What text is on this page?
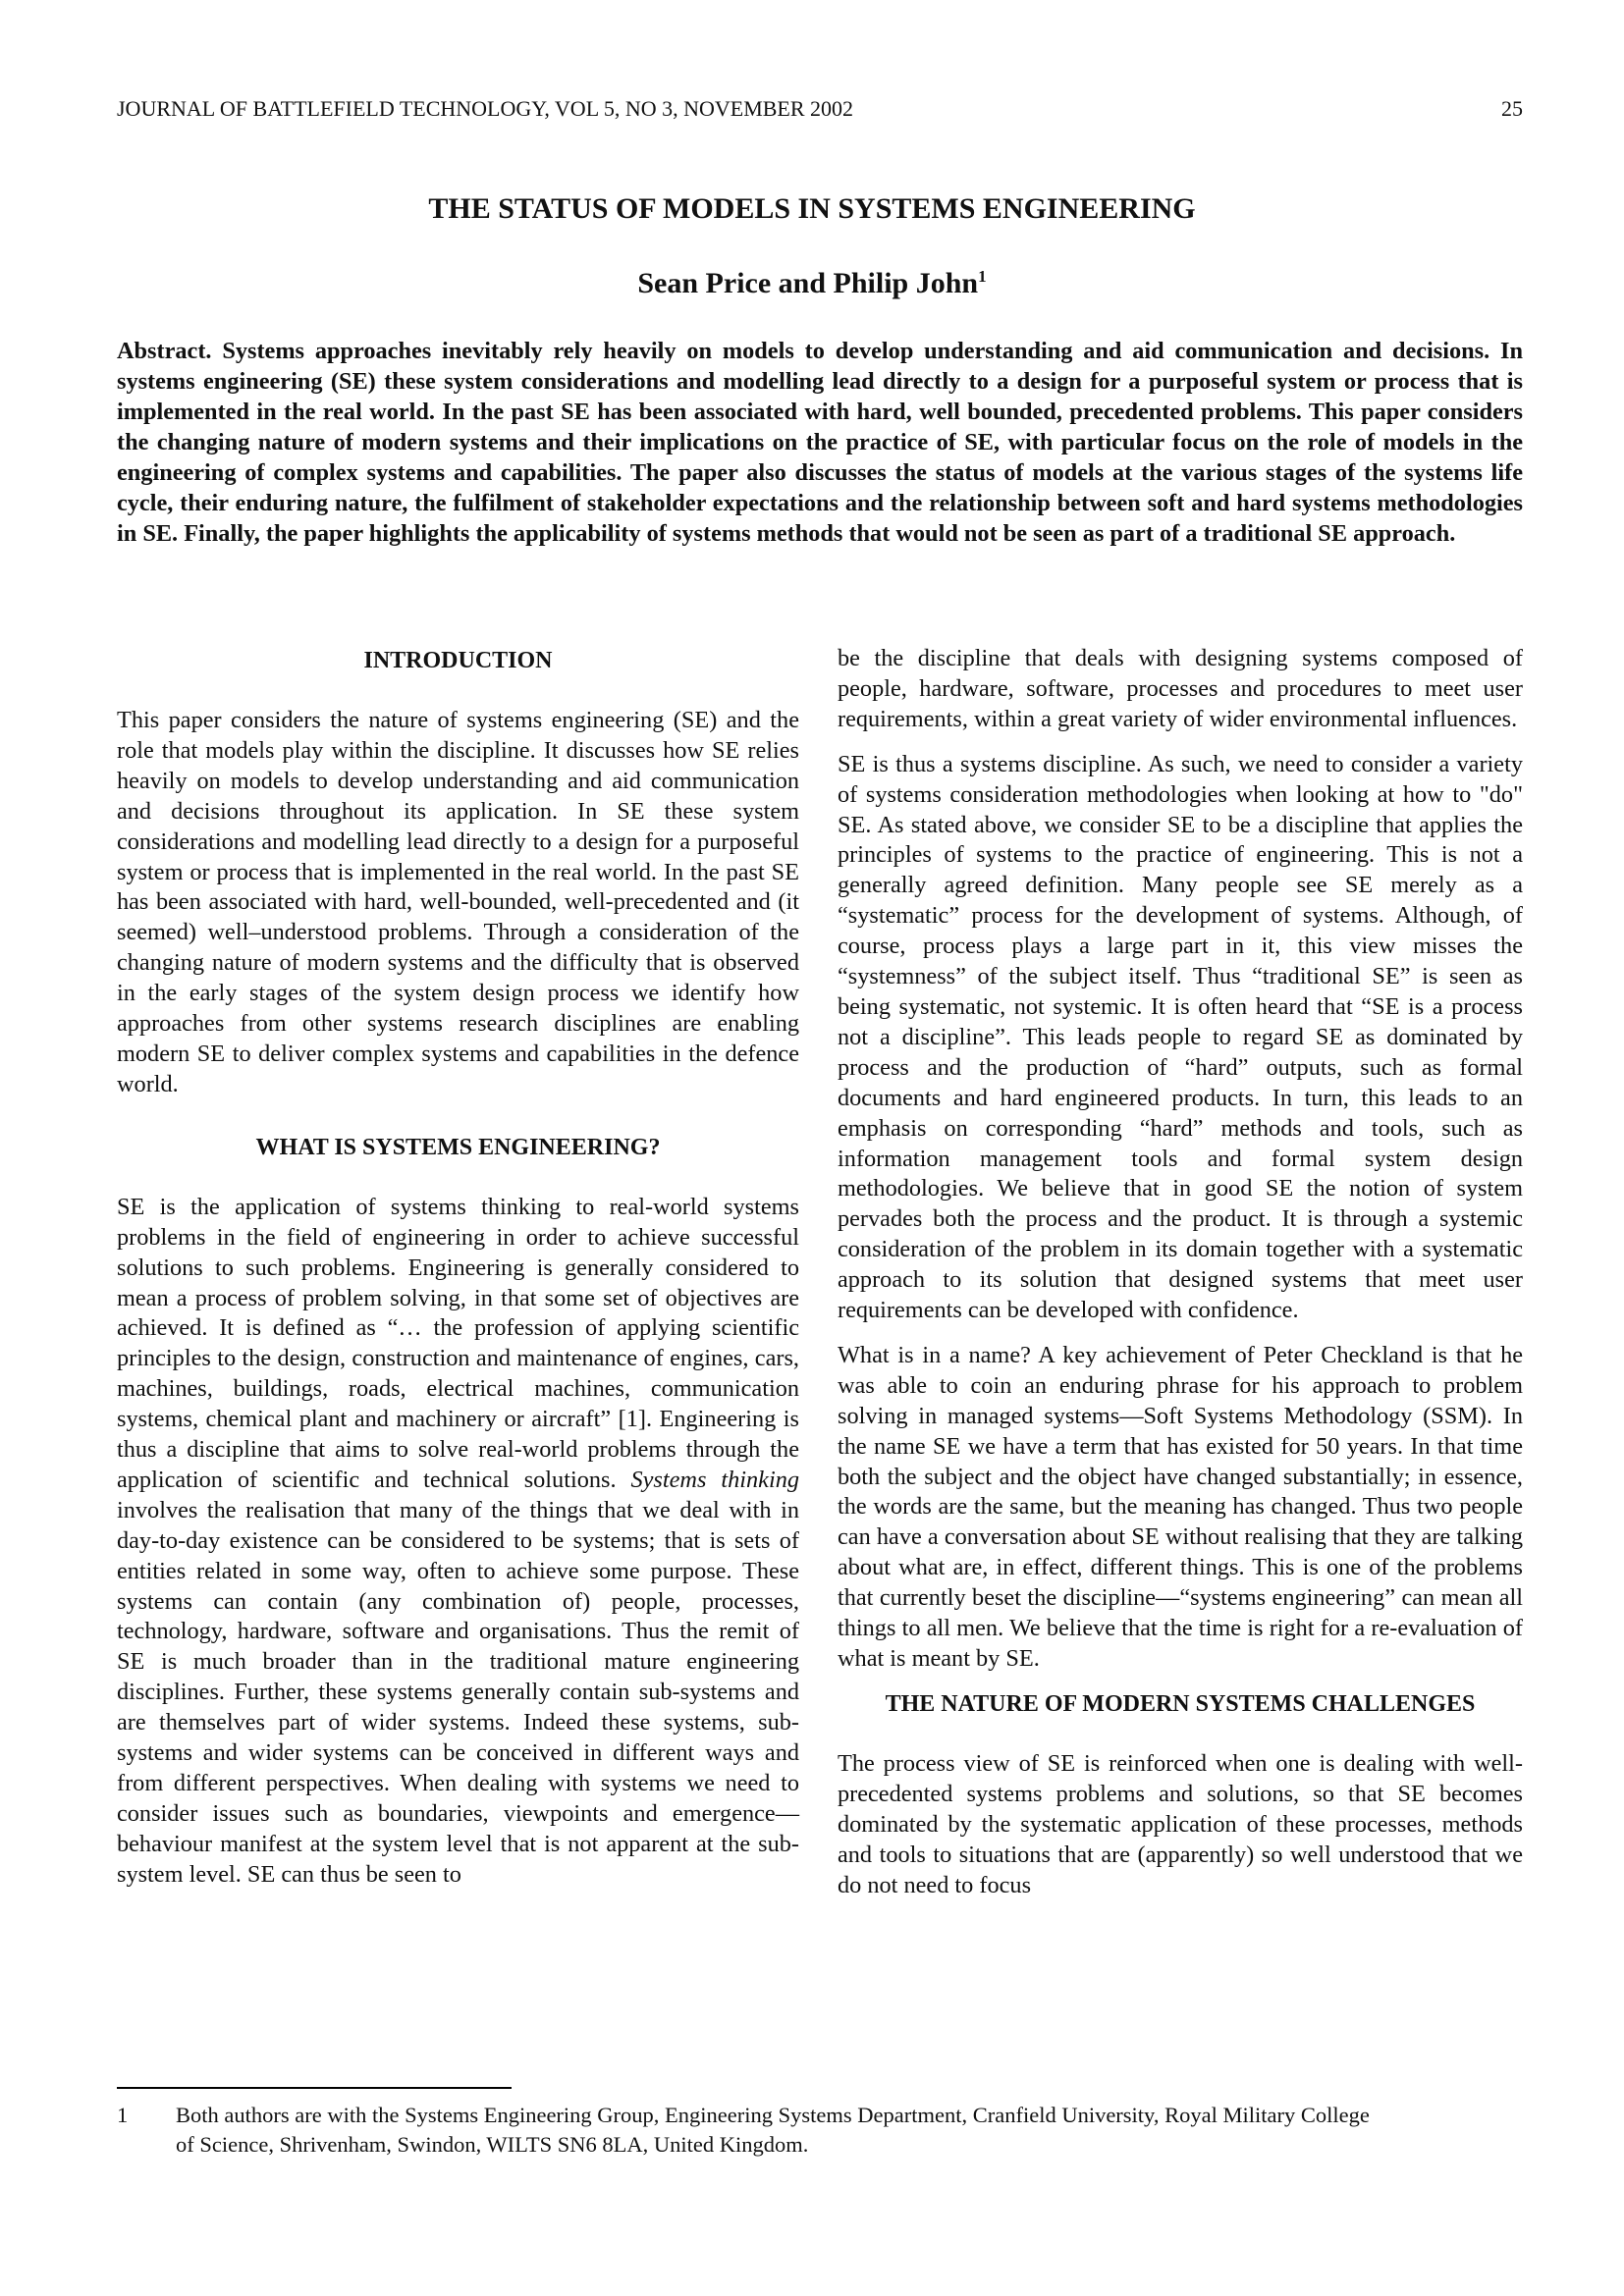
JOURNAL OF BATTLEFIELD TECHNOLOGY, VOL 5, NO 3, NOVEMBER 2002	25
THE STATUS OF MODELS IN SYSTEMS ENGINEERING
Sean Price and Philip John$^1$
Abstract. Systems approaches inevitably rely heavily on models to develop understanding and aid communication and decisions. In systems engineering (SE) these system considerations and modelling lead directly to a design for a purposeful system or process that is implemented in the real world. In the past SE has been associated with hard, well bounded, precedented problems. This paper considers the changing nature of modern systems and their implications on the practice of SE, with particular focus on the role of models in the engineering of complex systems and capabilities. The paper also discusses the status of models at the various stages of the systems life cycle, their enduring nature, the fulfilment of stakeholder expectations and the relationship between soft and hard systems methodologies in SE. Finally, the paper highlights the applicability of systems methods that would not be seen as part of a traditional SE approach.
INTRODUCTION

This paper considers the nature of systems engineering (SE) and the role that models play within the discipline. It discusses how SE relies heavily on models to develop understanding and aid communication and decisions throughout its application. In SE these system considerations and modelling lead directly to a design for a purposeful system or process that is implemented in the real world. In the past SE has been associated with hard, well-bounded, well-precedented and (it seemed) well–understood problems. Through a consideration of the changing nature of modern systems and the difficulty that is observed in the early stages of the system design process we identify how approaches from other systems research disciplines are enabling modern SE to deliver complex systems and capabilities in the defence world.

WHAT IS SYSTEMS ENGINEERING?

SE is the application of systems thinking to real-world systems problems in the field of engineering in order to achieve successful solutions to such problems. Engineering is generally considered to mean a process of problem solving, in that some set of objectives are achieved. It is defined as “… the profession of applying scientific principles to the design, construction and maintenance of engines, cars, machines, buildings, roads, electrical machines, communication systems, chemical plant and machinery or aircraft” [1]. Engineering is thus a discipline that aims to solve real-world problems through the application of scientific and technical solutions. Systems thinking involves the realisation that many of the things that we deal with in day-to-day existence can be considered to be systems; that is sets of entities related in some way, often to achieve some purpose. These systems can contain (any combination of) people, processes, technology, hardware, software and organisations. Thus the remit of SE is much broader than in the traditional mature engineering disciplines. Further, these systems generally contain sub-systems and are themselves part of wider systems. Indeed these systems, sub-systems and wider systems can be conceived in different ways and from different perspectives. When dealing with systems we need to consider issues such as boundaries, viewpoints and emergence—behaviour manifest at the system level that is not apparent at the sub-system level. SE can thus be seen to

be the discipline that deals with designing systems composed of people, hardware, software, processes and procedures to meet user requirements, within a great variety of wider environmental influences.

SE is thus a systems discipline. As such, we need to consider a variety of systems consideration methodologies when looking at how to "do" SE. As stated above, we consider SE to be a discipline that applies the principles of systems to the practice of engineering. This is not a generally agreed definition. Many people see SE merely as a “systematic” process for the development of systems. Although, of course, process plays a large part in it, this view misses the “systemness” of the subject itself. Thus “traditional SE” is seen as being systematic, not systemic. It is often heard that “SE is a process not a discipline”. This leads people to regard SE as dominated by process and the production of “hard” outputs, such as formal documents and hard engineered products. In turn, this leads to an emphasis on corresponding “hard” methods and tools, such as information management tools and formal system design methodologies. We believe that in good SE the notion of system pervades both the process and the product. It is through a systemic consideration of the problem in its domain together with a systematic approach to its solution that designed systems that meet user requirements can be developed with confidence.

What is in a name? A key achievement of Peter Checkland is that he was able to coin an enduring phrase for his approach to problem solving in managed systems—Soft Systems Methodology (SSM). In the name SE we have a term that has existed for 50 years. In that time both the subject and the object have changed substantially; in essence, the words are the same, but the meaning has changed. Thus two people can have a conversation about SE without realising that they are talking about what are, in effect, different things. This is one of the problems that currently beset the discipline—“systems engineering” can mean all things to all men. We believe that the time is right for a re-evaluation of what is meant by SE.

THE NATURE OF MODERN SYSTEMS CHALLENGES

The process view of SE is reinforced when one is dealing with well-precedented systems problems and solutions, so that SE becomes dominated by the systematic application of these processes, methods and tools to situations that are (apparently) so well understood that we do not need to focus

1 Both authors are with the Systems Engineering Group, Engineering Systems Department, Cranfield University, Royal Military College
of Science, Shrivenham, Swindon, WILTS SN6 8LA, United Kingdom.
